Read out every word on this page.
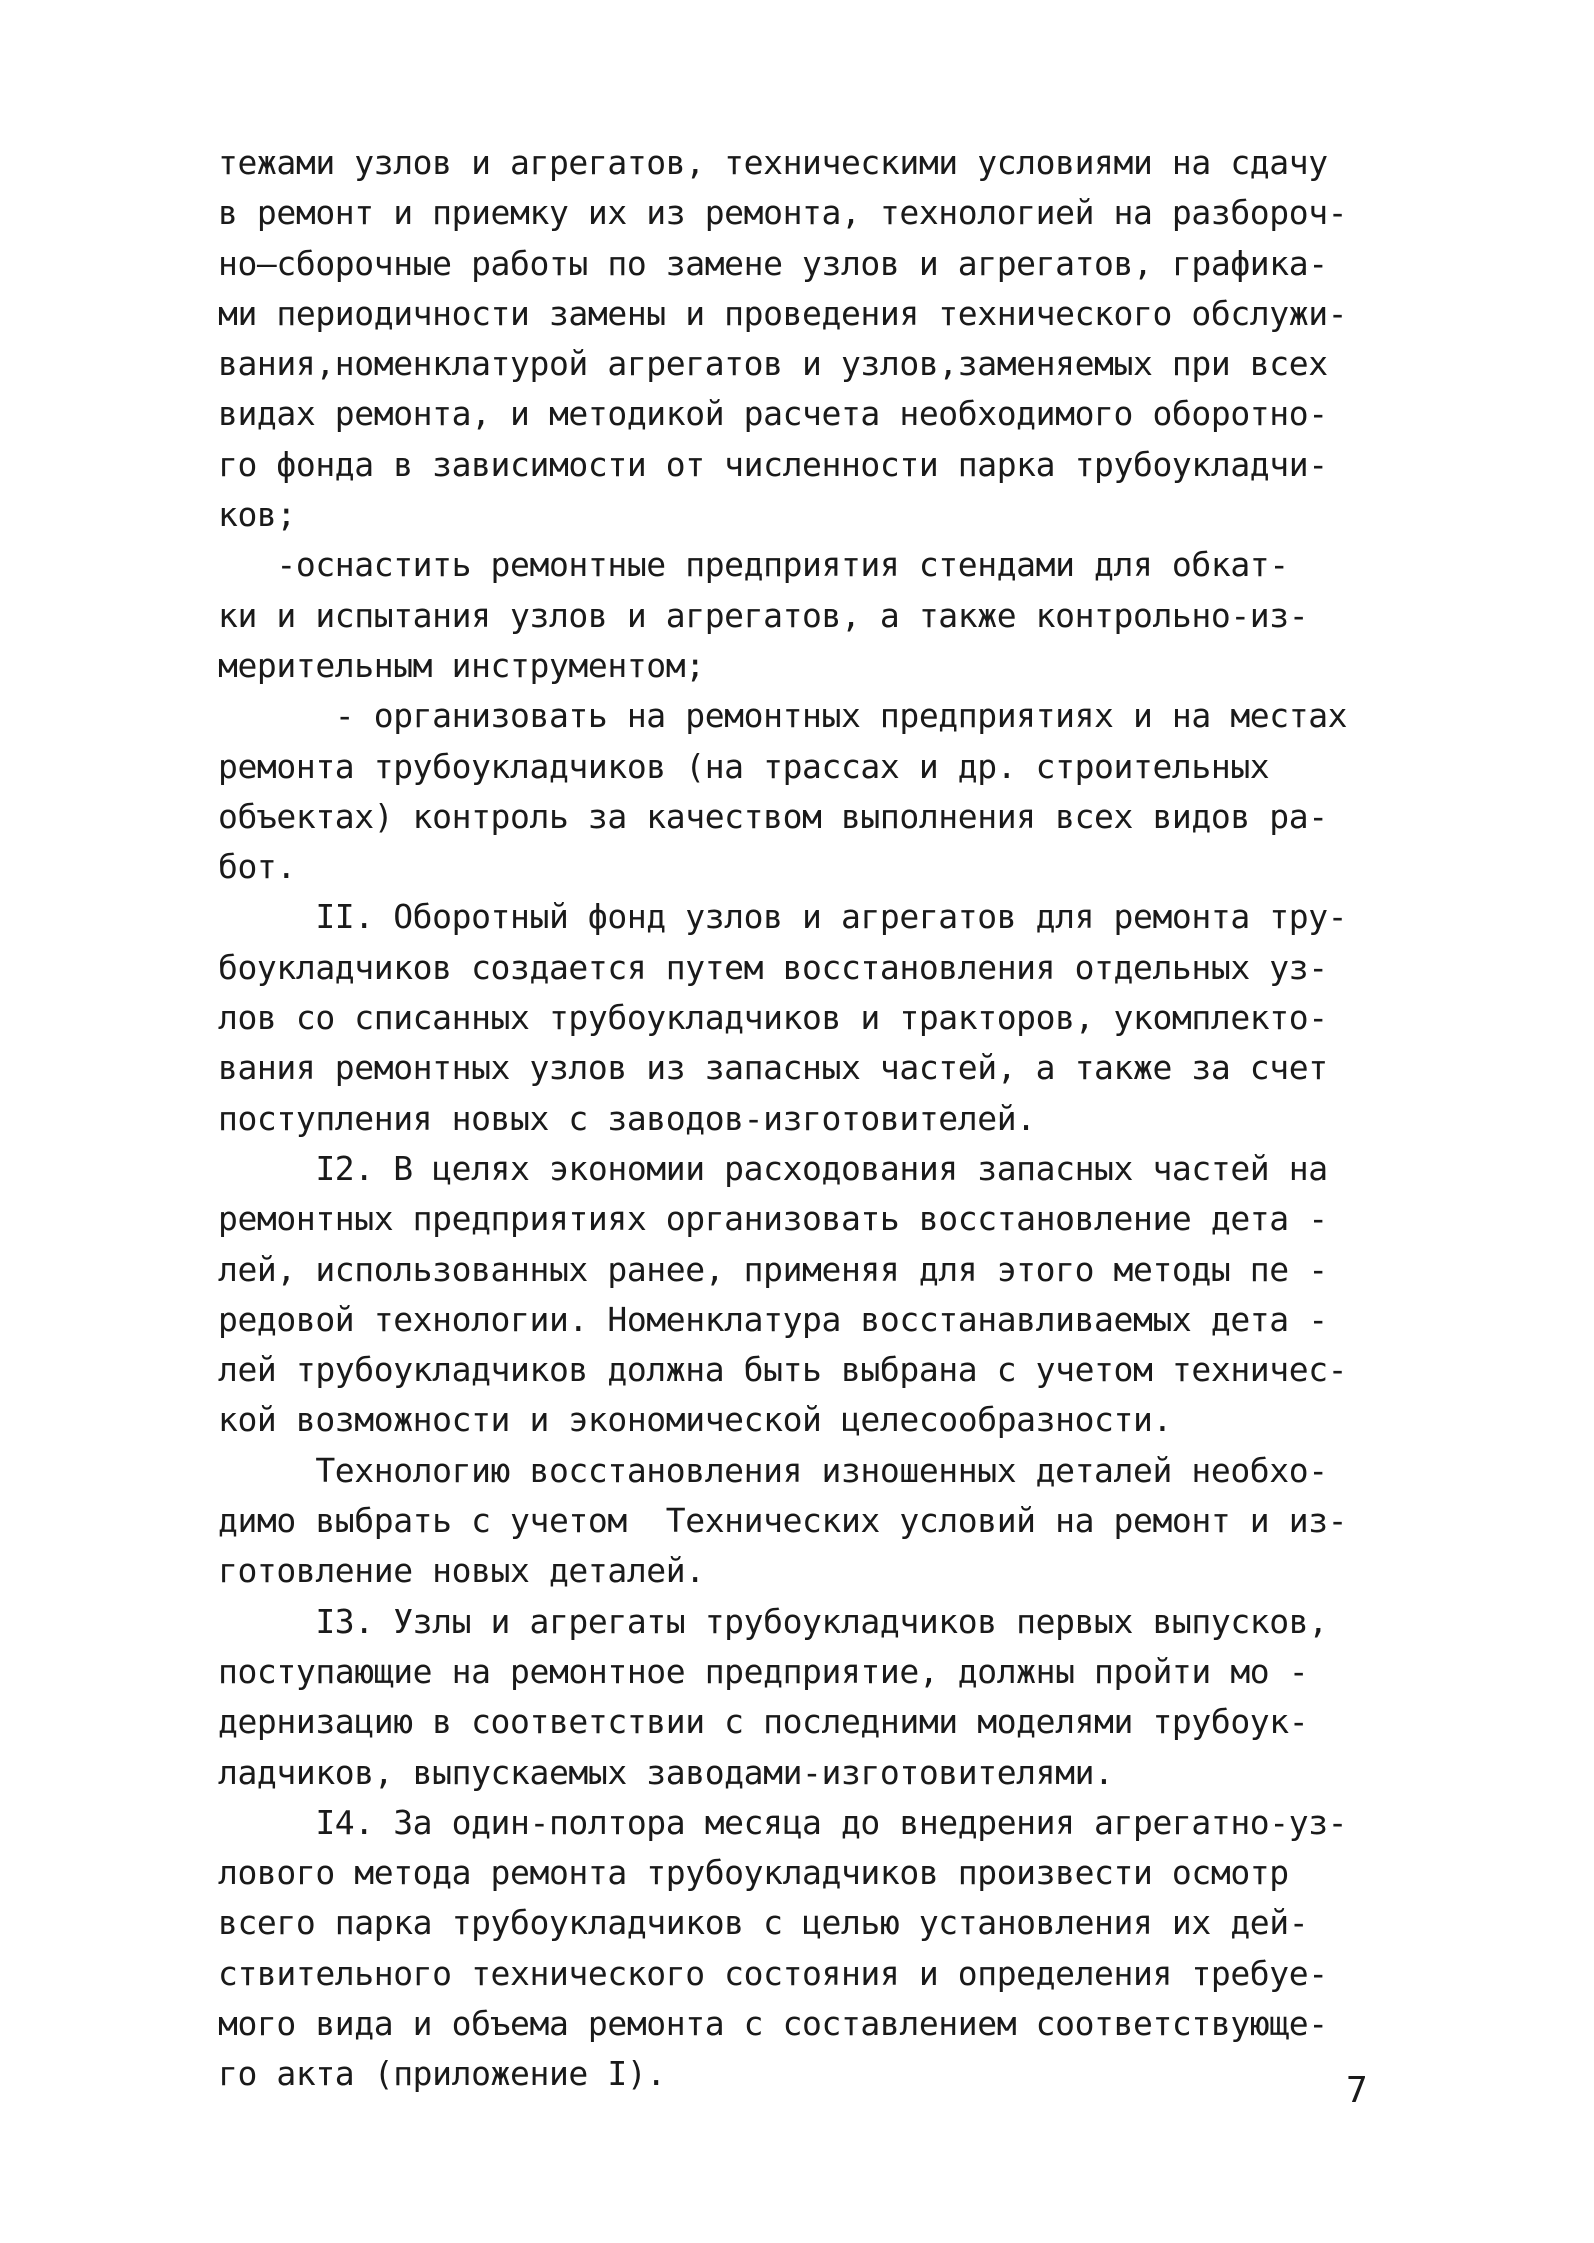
тежами узлов и агрегатов, техническими условиями на сдачу
в ремонт и приемку их из ремонта, технологией на разбороч-
но—сборочные работы по замене узлов и агрегатов, графика-
ми периодичности замены и проведения технического обслужи-
вания,номенклатурой агрегатов и узлов,заменяемых при всех
видах ремонта, и методикой расчета необходимого оборотно-
го фонда в зависимости от численности парка трубоукладчи-
ков;
-оснастить ремонтные предприятия стендами для обкат-
ки и испытания узлов и агрегатов, а также контрольно-из-
мерительным инструментом;
- организовать на ремонтных предприятиях и на местах
ремонта трубоукладчиков (на трассах и др. строительных
объектах) контроль за качеством выполнения всех видов ра-
бот.
II. Оборотный фонд узлов и агрегатов для ремонта тру-
боукладчиков создается путем восстановления отдельных уз-
лов со списанных трубоукладчиков и тракторов, укомплекто-
вания ремонтных узлов из запасных частей, а также за счет
поступления новых с заводов-изготовителей.
I2. В целях экономии расходования запасных частей на
ремонтных предприятиях организовать восстановление дета -
лей, использованных ранее, применяя для этого методы пе -
редовой технологии. Номенклатура восстанавливаемых дета -
лей трубоукладчиков должна быть выбрана с учетом техничес-
кой возможности и экономической целесообразности.
Технологию восстановления изношенных деталей необхо-
димо выбрать с учетом  Технических условий на ремонт и из-
готовление новых деталей.
I3. Узлы и агрегаты трубоукладчиков первых выпусков,
поступающие на ремонтное предприятие, должны пройти мо -
дернизацию в соответствии с последними моделями трубоук-
ладчиков, выпускаемых заводами-изготовителями.
I4. За один-полтора месяца до внедрения агрегатно-уз-
лового метода ремонта трубоукладчиков произвести осмотр
всего парка трубоукладчиков с целью установления их дей-
ствительного технического состояния и определения требуе-
мого вида и объема ремонта с составлением соответствующе-
го акта (приложение I).	7
